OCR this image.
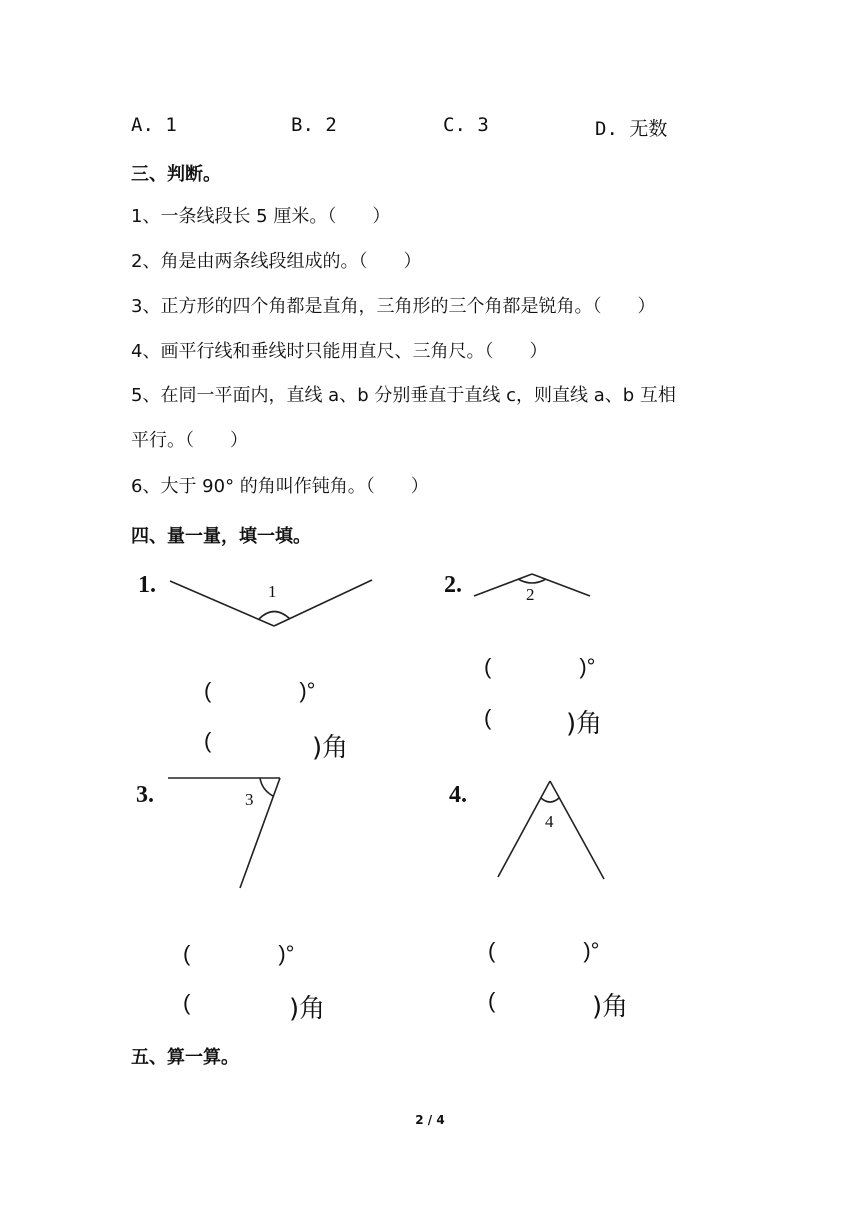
A. 1	B. 2	C. 3	D. 无数
三、判断。
1、一条线段长 5 厘米。（　　）
2、角是由两条线段组成的。（　　）
3、正方形的四个角都是直角，三角形的三个角都是锐角。（　　）
4、画平行线和垂线时只能用直尺、三角尺。（　　）
5、在同一平面内，直线 a、b 分别垂直于直线 c，则直线 a、b 互相
平行。（　　）
6、大于 90° 的角叫作钝角。（　　）
四、量一量，填一填。
1.	1	2.	2
3.	3	4.
4
(　　　　)°
(	)角
(　　　　)°
(	)角
(　　　　)°
(	)角
(　　　　)°
(	)角
五、算一算。
2 / 4
